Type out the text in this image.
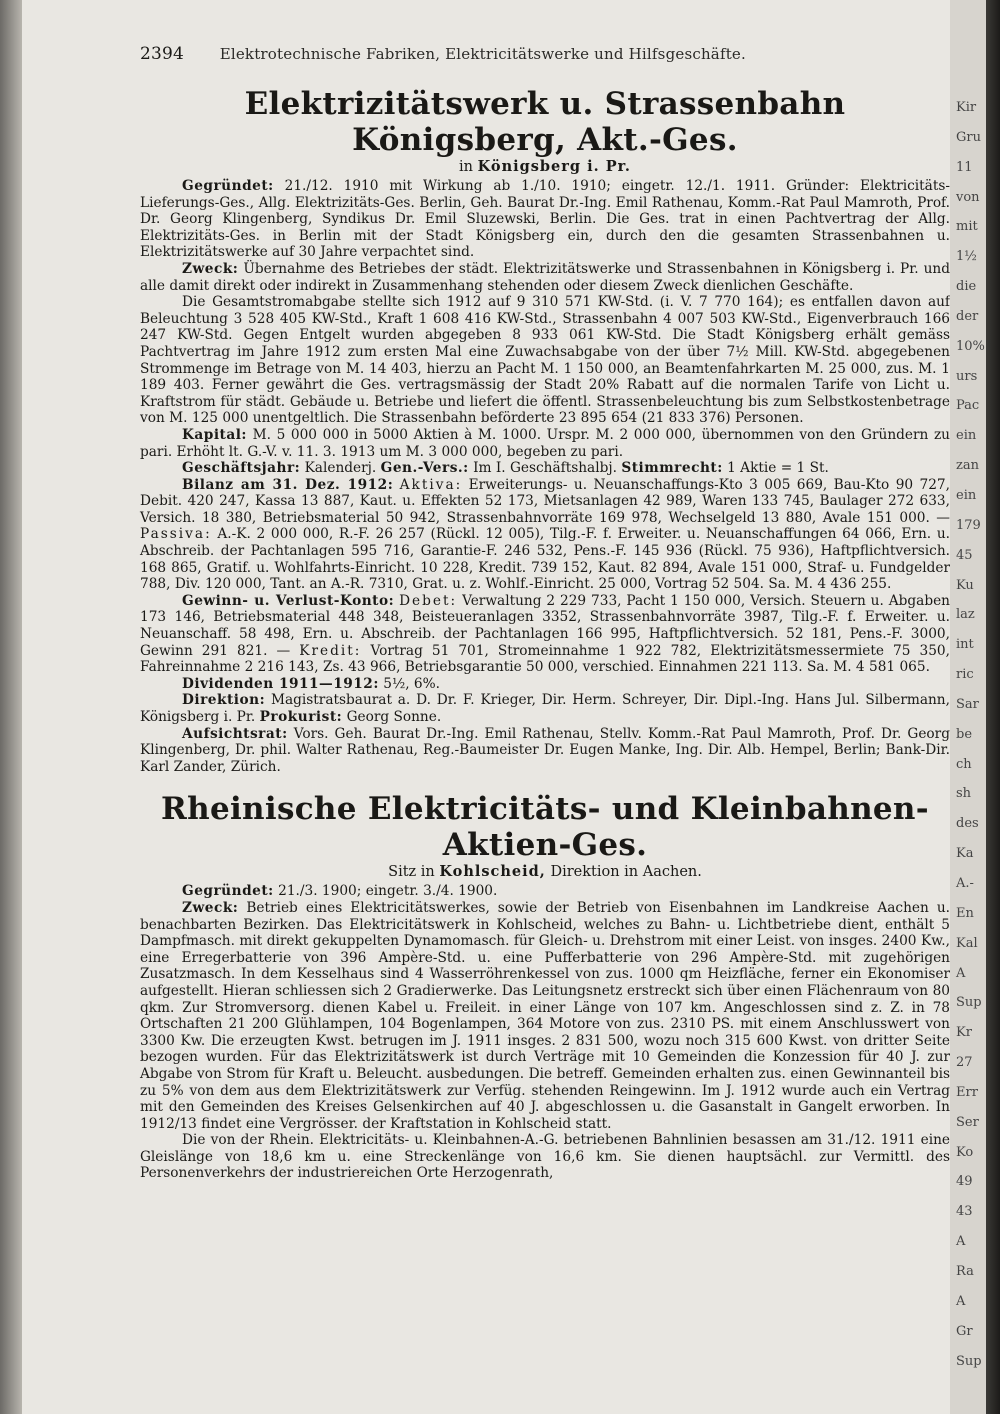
2394 Elektrotechnische Fabriken, Elektricitätswerke und Hilfsgeschäfte.
Elektrizitätswerk u. Strassenbahn Königsberg, Akt.-Ges.
in Königsberg i. Pr.

Gegründet: 21./12. 1910 mit Wirkung ab 1./10. 1910; eingetr. 12./1. 1911. Gründer: Elektricitäts-Lieferungs-Ges., Allg. Elektrizitäts-Ges. Berlin, Geh. Baurat Dr.-Ing. Emil Rathenau, Komm.-Rat Paul Mamroth, Prof. Dr. Georg Klingenberg, Syndikus Dr. Emil Sluzewski, Berlin. Die Ges. trat in einen Pachtvertrag der Allg. Elektrizitäts-Ges. in Berlin mit der Stadt Königsberg ein, durch den die gesamten Strassenbahnen u. Elektrizitätswerke auf 30 Jahre verpachtet sind.

Zweck: Übernahme des Betriebes der städt. Elektrizitätswerke und Strassenbahnen in Königsberg i. Pr. und alle damit direkt oder indirekt in Zusammenhang stehenden oder diesem Zweck dienlichen Geschäfte.

Die Gesamtstromabgabe stellte sich 1912 auf 9 310 571 KW-Std. (i. V. 7 770 164); es entfallen davon auf Beleuchtung 3 528 405 KW-Std., Kraft 1 608 416 KW-Std., Strassenbahn 4 007 503 KW-Std., Eigenverbrauch 166 247 KW-Std. Gegen Entgelt wurden abgegeben 8 933 061 KW-Std. Die Stadt Königsberg erhält gemäss Pachtvertrag im Jahre 1912 zum ersten Mal eine Zuwachsabgabe von der über 7½ Mill. KW-Std. abgegebenen Strommenge im Betrage von M. 14 403, hierzu an Pacht M. 1 150 000, an Beamtenfahrkarten M. 25 000, zus. M. 1 189 403. Ferner gewährt die Ges. vertragsmässig der Stadt 20% Rabatt auf die normalen Tarife von Licht u. Kraftstrom für städt. Gebäude u. Betriebe und liefert die öffentl. Strassenbeleuchtung bis zum Selbstkostenbetrage von M. 125 000 unentgeltlich. Die Strassenbahn beförderte 23 895 654 (21 833 376) Personen.

Kapital: M. 5 000 000 in 5000 Aktien à M. 1000. Urspr. M. 2 000 000, übernommen von den Gründern zu pari. Erhöht lt. G.-V. v. 11. 3. 1913 um M. 3 000 000, begeben zu pari.

Geschäftsjahr: Kalenderj. Gen.-Vers.: Im I. Geschäftshalbj. Stimmrecht: 1 Aktie = 1 St.

Bilanz am 31. Dez. 1912: Aktiva: Erweiterungs- u. Neuanschaffungs-Kto 3 005 669, Bau-Kto 90 727, Debit. 420 247, Kassa 13 887, Kaut. u. Effekten 52 173, Mietsanlagen 42 989, Waren 133 745, Baulager 272 633, Versich. 18 380, Betriebsmaterial 50 942, Strassenbahnvorräte 169 978, Wechselgeld 13 880, Avale 151 000. — Passiva: A.-K. 2 000 000, R.-F. 26 257 (Rückl. 12 005), Tilg.-F. f. Erweiter. u. Neuanschaffungen 64 066, Ern. u. Abschreib. der Pachtanlagen 595 716, Garantie-F. 246 532, Pens.-F. 145 936 (Rückl. 75 936), Haftpflichtversich. 168 865, Gratif. u. Wohlfahrts-Einricht. 10 228, Kredit. 739 152, Kaut. 82 894, Avale 151 000, Straf- u. Fundgelder 788, Div. 120 000, Tant. an A.-R. 7310, Grat. u. z. Wohlf.-Einricht. 25 000, Vortrag 52 504. Sa. M. 4 436 255.

Gewinn- u. Verlust-Konto: Debet: Verwaltung 2 229 733, Pacht 1 150 000, Versich. Steuern u. Abgaben 173 146, Betriebsmaterial 448 348, Beisteueranlagen 3352, Strassenbahnvorräte 3987, Tilg.-F. f. Erweiter. u. Neuanschaff. 58 498, Ern. u. Abschreib. der Pachtanlagen 166 995, Haftpflichtversich. 52 181, Pens.-F. 3000, Gewinn 291 821. — Kredit: Vortrag 51 701, Stromeinnahme 1 922 782, Elektrizitätsmessermiete 75 350, Fahreinnahme 2 216 143, Zs. 43 966, Betriebsgarantie 50 000, verschied. Einnahmen 221 113. Sa. M. 4 581 065.

Dividenden 1911—1912: 5½, 6%.

Direktion: Magistratsbaurat a. D. Dr. F. Krieger, Dir. Herm. Schreyer, Dir. Dipl.-Ing. Hans Jul. Silbermann, Königsberg i. Pr. Prokurist: Georg Sonne.

Aufsichtsrat: Vors. Geh. Baurat Dr.-Ing. Emil Rathenau, Stellv. Komm.-Rat Paul Mamroth, Prof. Dr. Georg Klingenberg, Dr. phil. Walter Rathenau, Reg.-Baumeister Dr. Eugen Manke, Ing. Dir. Alb. Hempel, Berlin; Bank-Dir. Karl Zander, Zürich.

Rheinische Elektricitäts- und Kleinbahnen-Aktien-Ges.
Sitz in Kohlscheid, Direktion in Aachen.

Gegründet: 21./3. 1900; eingetr. 3./4. 1900.

Zweck: Betrieb eines Elektricitätswerkes, sowie der Betrieb von Eisenbahnen im Landkreise Aachen u. benachbarten Bezirken. Das Elektricitätswerk in Kohlscheid, welches zu Bahn- u. Lichtbetriebe dient, enthält 5 Dampfmasch. mit direkt gekuppelten Dynamomasch. für Gleich- u. Drehstrom mit einer Leist. von insges. 2400 Kw., eine Erregerbatterie von 396 Ampère-Std. u. eine Pufferbatterie von 296 Ampère-Std. mit zugehörigen Zusatzmasch. In dem Kesselhaus sind 4 Wasserröhrenkessel von zus. 1000 qm Heizfläche, ferner ein Ekonomiser aufgestellt. Hieran schliessen sich 2 Gradierwerke. Das Leitungsnetz erstreckt sich über einen Flächenraum von 80 qkm. Zur Stromversorg. dienen Kabel u. Freileit. in einer Länge von 107 km. Angeschlossen sind z. Z. in 78 Ortschaften 21 200 Glühlampen, 104 Bogenlampen, 364 Motore von zus. 2310 PS. mit einem Anschlusswert von 3300 Kw. Die erzeugten Kwst. betrugen im J. 1911 insges. 2 831 500, wozu noch 315 600 Kwst. von dritter Seite bezogen wurden. Für das Elektrizitätswerk ist durch Verträge mit 10 Gemeinden die Konzession für 40 J. zur Abgabe von Strom für Kraft u. Beleucht. ausbedungen. Die betreff. Gemeinden erhalten zus. einen Gewinnanteil bis zu 5% von dem aus dem Elektrizitätswerk zur Verfüg. stehenden Reingewinn. Im J. 1912 wurde auch ein Vertrag mit den Gemeinden des Kreises Gelsenkirchen auf 40 J. abgeschlossen u. die Gasanstalt in Gangelt erworben. In 1912/13 findet eine Vergrösser. der Kraftstation in Kohlscheid statt.

Die von der Rhein. Elektricitäts- u. Kleinbahnen-A.-G. betriebenen Bahnlinien besassen am 31./12. 1911 eine Gleislänge von 18,6 km u. eine Streckenlänge von 16,6 km. Sie dienen hauptsächl. zur Vermittl. des Personenverkehrs der industriereichen Orte Herzogenrath,

Kir
Gru
11
von
mit
1½
die
der
10%
urs
Pac
ein
zan
ein
179
45
Ku
laz
int
ric
Sar
be
ch
sh
des
Ka
A.-
En
Kal
A
Sup
Kr
27
Err
Ser
Ko
49
43
A
Ra
A
Gr
Sup
